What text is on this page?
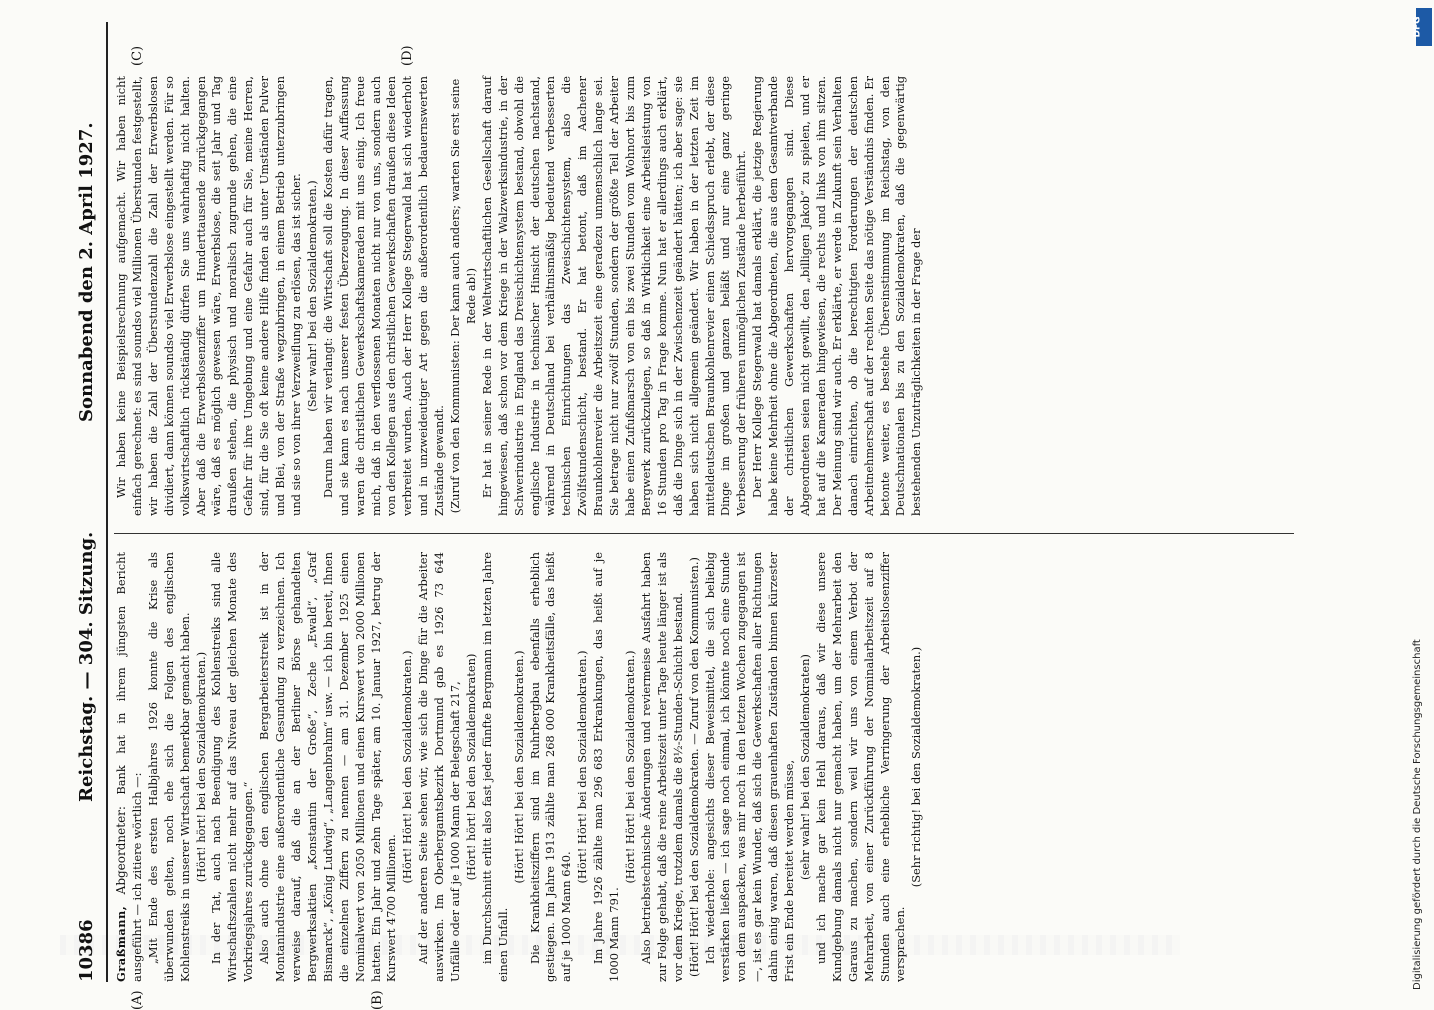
10386
Reichstag. — 304. Sitzung.
Sonnabend den 2. April 1927.
(A)	(B)

Graßmann, Abgeordneter: Bank hat in ihrem jüngsten Bericht ausgeführt — ich zitiere wörtlich —: „Mit Ende des ersten Halbjahres 1926 konnte die Krise als überwunden gelten, noch ehe sich die Folgen des englischen Kohlenstreiks in unserer Wirtschaft bemerkbar gemacht haben. (Hört! hört! bei den Sozialdemokraten.) In der Tat, auch nach Beendigung des Kohlenstreiks sind alle Wirtschaftszahlen nicht mehr auf das Niveau der gleichen Monate des Vorkriegsjahres zurückgegangen.“ Also auch ohne den englischen Bergarbeiterstreik ist in der Montanindustrie eine außerordentliche Gesundung zu verzeichnen. Ich verweise darauf, daß die an der Berliner Börse gehandelten Bergwerksaktien „Konstantin der Große“, Zeche „Ewald“, „Graf Bismarck“, „König Ludwig“, „Langenbrahm“ usw. — ich bin bereit, Ihnen die einzelnen Ziffern zu nennen — am 31. Dezember 1925 einen Nominalwert von 2050 Millionen und einen Kurswert von 2000 Millionen hatten. Ein Jahr und zehn Tage später, am 10. Januar 1927, betrug der Kurswert 4700 Millionen.

(Hört! Hört! bei den Sozialdemokraten.) Auf der anderen Seite sehen wir, wie sich die Dinge für die Arbeiter auswirken. Im Oberbergamtsbezirk Dortmund gab es 1926 73 644 Unfälle oder auf je 1000 Mann der Belegschaft 217, (Hört! hört! bei den Sozialdemokraten) im Durchschnitt erlitt also fast jeder fünfte Bergmann im letzten Jahre einen Unfall.

(Hört! Hört! bei den Sozialdemokraten.) Die Krankheitsziffern sind im Ruhrbergbau ebenfalls erheblich gestiegen. Im Jahre 1913 zählte man 268 000 Krankheitsfälle, das heißt auf je 1000 Mann 640.

(Hört! Hört! bei den Sozialdemokraten.) Im Jahre 1926 zählte man 296 683 Erkrankungen, das heißt auf je 1000 Mann 791.

(Hört! Hört! bei den Sozialdemokraten.) Also betriebstechnische Änderungen und reviermeise Ausfahrt haben zur Folge gehabt, daß die reine Arbeitszeit unter Tage heute länger ist als vor dem Kriege, trotzdem damals die 8½-Stunden-Schicht bestand. (Hört! Hört! bei den Sozialdemokraten. — Zuruf von den Kommunisten.) Ich wiederhole: angesichts dieser Beweismittel, die sich beliebig verstärken ließen — ich sage noch einmal, ich könnte noch eine Stunde von dem auspacken, was mir noch in den letzten Wochen zugegangen ist —, ist es gar kein Wunder, daß sich die Gewerkschaften aller Richtungen dahin einig waren, daß diesen grauenhaften Zuständen binnen kürzester Frist ein Ende bereitet werden müsse, (sehr wahr! bei den Sozialdemokraten) und ich mache gar kein Hehl daraus, daß wir diese unsere Kundgebung damals nicht nur gemacht haben, um der Mehrarbeit den Garaus zu machen, sondern weil wir uns von einem Verbot der Mehrarbeit, von einer Zurückführung der Nominalarbeitszeit auf 8 Stunden auch eine erhebliche Verringerung der Arbeitslosenziffer versprachen.

(Sehr richtig! bei den Sozialdemokraten.)

Wir haben keine Beispielsrechnung aufgemacht. Wir haben nicht einfach gerechnet: es sind soundso viel Millionen Überstunden festgestellt, wir haben die Zahl der Überstundenzahl die Zahl der Erwerbslosen dividiert, dann können soundso viel Erwerbslose eingestellt werden. Für so volkswirtschaftlich rückständig dürfen Sie uns wahrhaftig nicht halten. Aber daß die Erwerbslosenziffer um Hunderttausende zurückgegangen wäre, daß es möglich gewesen wäre, Erwerbslose, die seit Jahr und Tag draußen stehen, die physisch und moralisch zugrunde gehen, die eine Gefahr für ihre Umgebung und eine Gefahr auch für Sie, meine Herren, sind, für die Sie oft keine andere Hilfe finden als unter Umständen Pulver und Blei, von der Straße wegzubringen, in einem Betrieb unterzubringen und sie so von ihrer Verzweiflung zu erlösen, das ist sicher. (Sehr wahr! bei den Sozialdemokraten.) Darum haben wir verlangt: die Wirtschaft soll die Kosten dafür tragen, und sie kann es nach unserer festen Überzeugung. In dieser Auffassung waren die christlichen Gewerkschaftskameraden mit uns einig. Ich freue mich, daß in den verflossenen Monaten nicht nur von uns, sondern auch von den Kollegen aus den christlichen Gewerkschaften draußen diese Ideen verbreitet wurden. Auch der Herr Kollege Stegerwald hat sich wiederholt und in unzweideutiger Art gegen die außerordentlich bedauernswerten Zustände gewandt. (Zuruf von den Kommunisten: Der kann auch anders; warten Sie erst seine Rede ab!) Er hat in seiner Rede in der Weltwirtschaftlichen Gesellschaft darauf hingewiesen, daß schon vor dem Kriege in der Walzwerksindustrie, in der Schwerindustrie in England das Dreischichtensystem bestand, obwohl die englische Industrie in technischer Hinsicht der deutschen nachstand, während in Deutschland bei verhältnismäßig bedeutend verbesserten technischen Einrichtungen das Zweischichtensystem, also die Zwölfstundenschicht, bestand. Er hat betont, daß im Aachener Braunkohlenrevier die Arbeitszeit eine geradezu unmenschlich lange sei. Sie betrage nicht nur zwölf Stunden, sondern der größte Teil der Arbeiter habe einen Zufußmarsch von ein bis zwei Stunden vom Wohnort bis zum Bergwerk zurückzulegen, so daß in Wirklichkeit eine Arbeitsleistung von 16 Stunden pro Tag in Frage komme. Nun hat er allerdings auch erklärt, daß die Dinge sich in der Zwischenzeit geändert hätten; ich aber sage: sie haben sich nicht allgemein geändert. Wir haben in der letzten Zeit im mitteldeutschen Braunkohlenrevier einen Schiedsspruch erlebt, der diese Dinge im großen und ganzen beläßt und nur eine ganz geringe Verbesserung der früheren unmöglichen Zustände herbeiführt. Der Herr Kollege Stegerwald hat damals erklärt, die jetzige Regierung habe keine Mehrheit ohne die Abgeordneten, die aus dem Gesamtverbande der christlichen Gewerkschaften hervorgegangen sind. Diese Abgeordneten seien nicht gewillt, den „billigen Jakob“ zu spielen, und er hat auf die Kameraden hingewiesen, die rechts und links von ihm sitzen. Der Meinung sind wir auch. Er erklärte, er werde in Zukunft sein Verhalten danach einrichten, ob die berechtigten Forderungen der deutschen Arbeitnehmerschaft auf der rechten Seite das nötige Verständnis finden. Er betonte weiter, es bestehe Übereinstimmung im Reichstag, von den Deutschnationalen bis zu den Sozialdemokraten, daß die gegenwärtig bestehenden Unzuträglichkeiten in der Frage der

(C)	(D)
DFG
Digitalisierung gefördert durch die Deutsche Forschungsgemeinschaft
